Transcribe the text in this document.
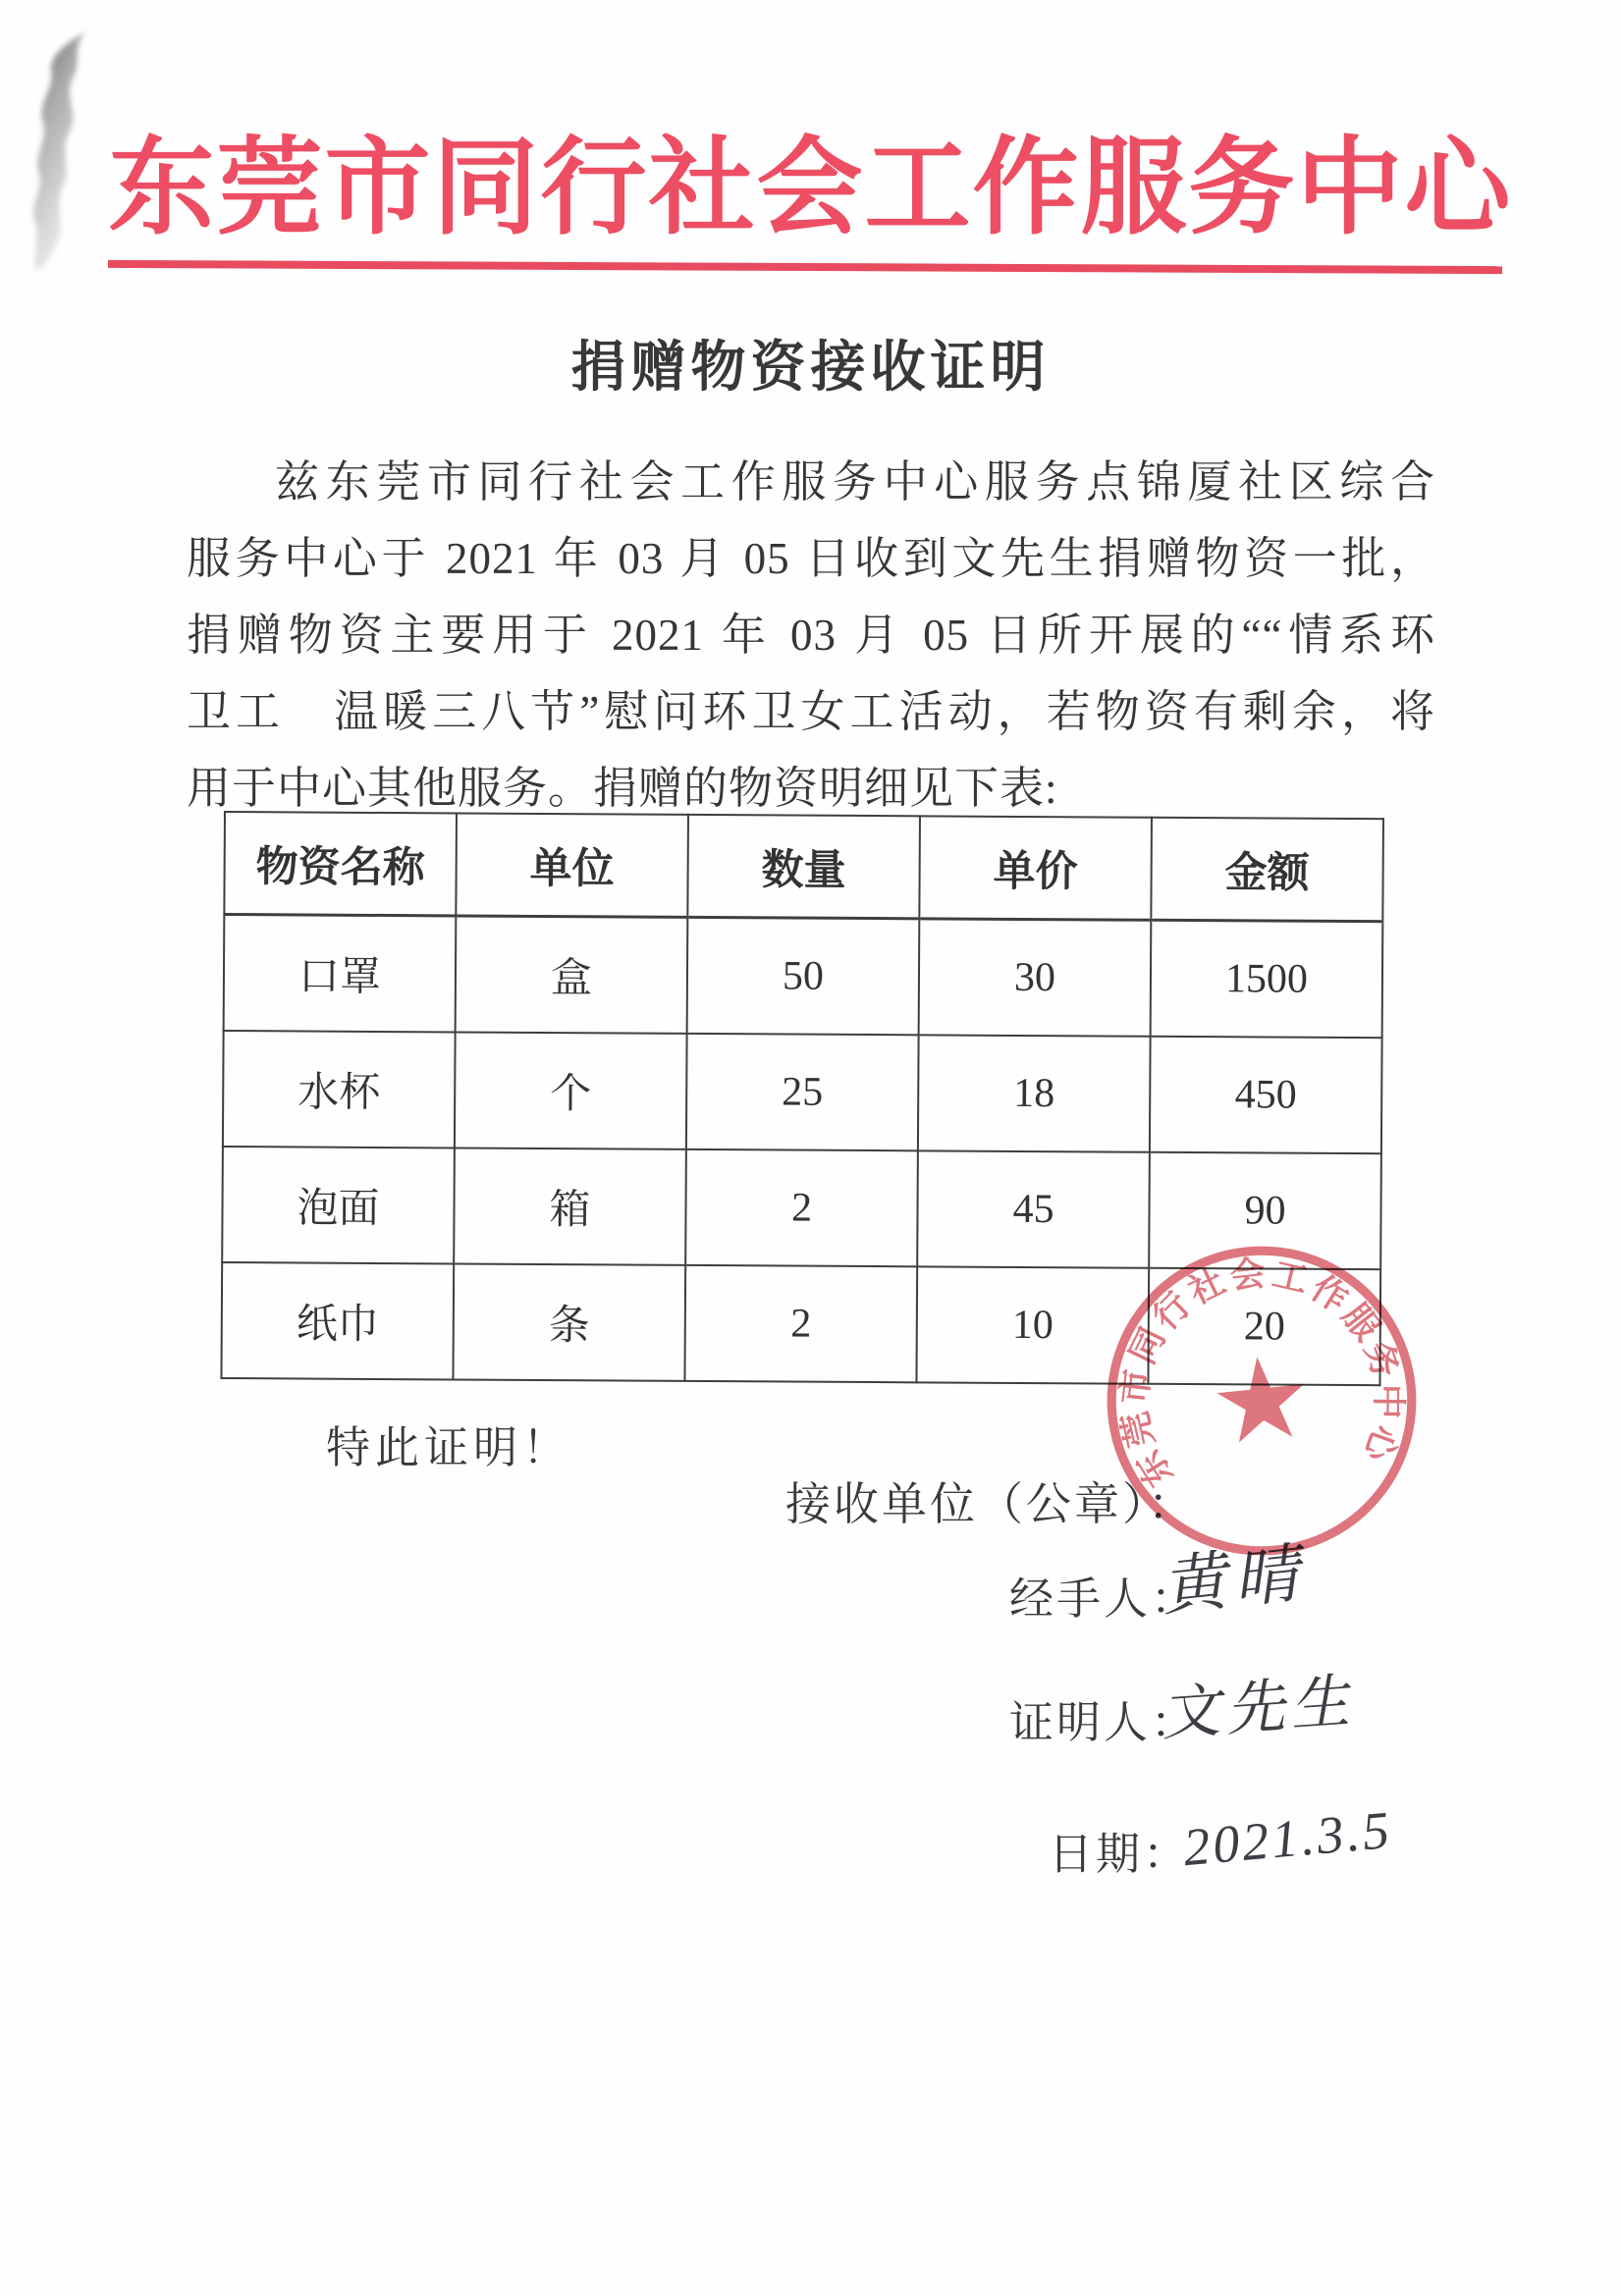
东莞市同行社会工作服务中心
捐赠物资接收证明
兹东莞市同行社会工作服务中心服务点锦厦社区综合
服务中心于 2021 年 03 月 05 日收到文先生捐赠物资一批，
捐赠物资主要用于 2021 年 03 月 05 日所开展的““情系环
卫工　温暖三八节”慰问环卫女工活动，若物资有剩余，将
用于中心其他服务。捐赠的物资明细见下表:
物资名称	单位	数量	单价	金额
口罩	盒	50	30	1500
水杯	个	25	18	450
泡面	箱	2	45	90
纸巾	条	2	10	20
特此证明！
接收单位（公章）：
经手人：
黄晴
证明人：
文先生
日期：
2021.3.5
东莞市同行社会工作服务中心
